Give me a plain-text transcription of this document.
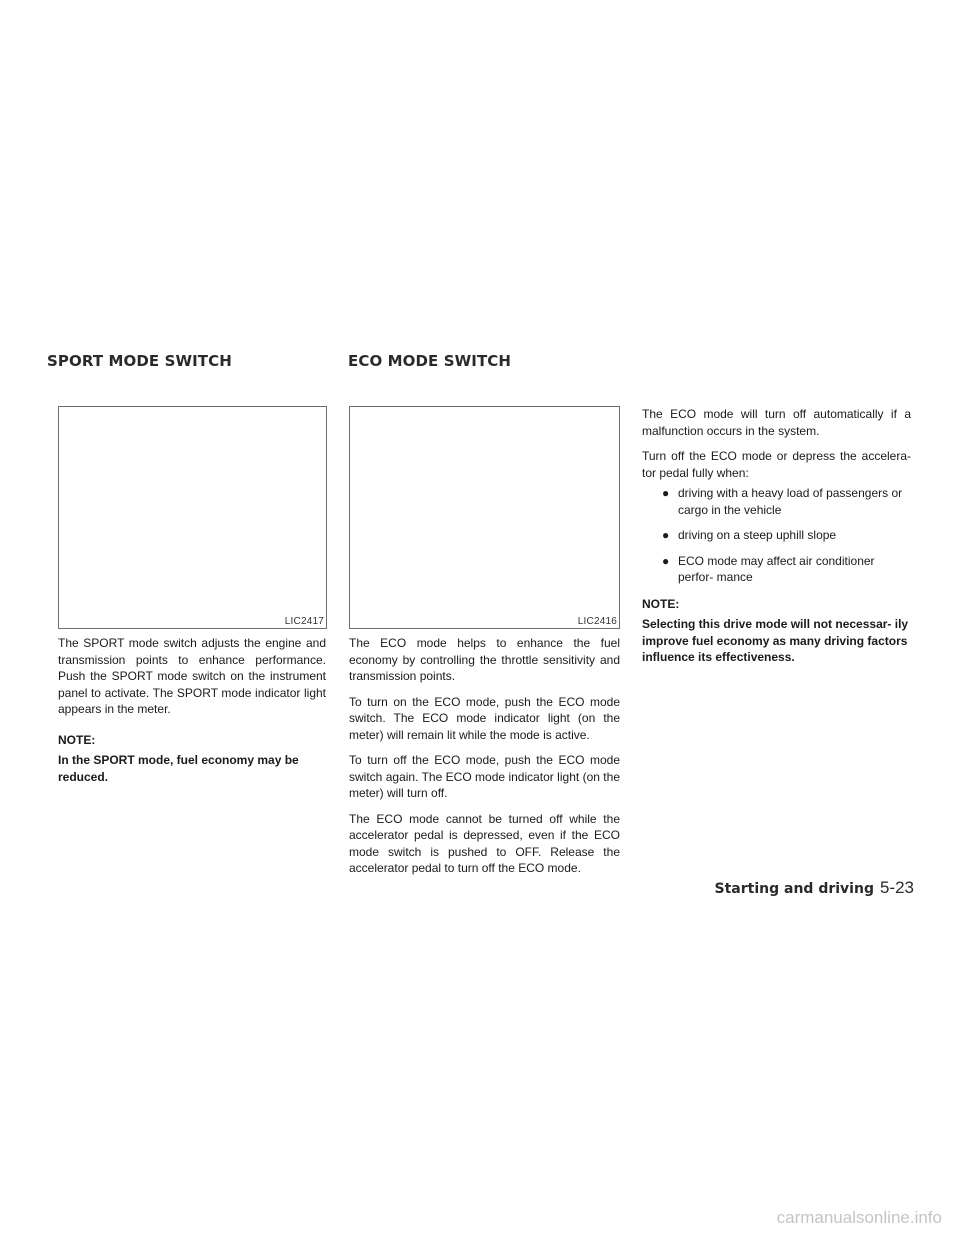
SPORT MODE SWITCH	ECO MODE SWITCH
LIC2417	LIC2416

The SPORT mode switch adjusts the engine and transmission points to enhance performance. Push the SPORT mode switch on the instrument panel to activate. The SPORT mode indicator light appears in the meter.

NOTE:

In the SPORT mode, fuel economy may be reduced.

The ECO mode helps to enhance the fuel economy by controlling the throttle sensitivity and transmission points.

To turn on the ECO mode, push the ECO mode switch. The ECO mode indicator light (on the meter) will remain lit while the mode is active.

To turn off the ECO mode, push the ECO mode switch again. The ECO mode indicator light (on the meter) will turn off.

The ECO mode cannot be turned off while the accelerator pedal is depressed, even if the ECO mode switch is pushed to OFF. Release the accelerator pedal to turn off the ECO mode.

The ECO mode will turn off automatically if a malfunction occurs in the system.

Turn off the ECO mode or depress the accelera- tor pedal fully when:

● driving with a heavy load of passengers or cargo in the vehicle
● driving on a steep uphill slope
● ECO mode may affect air conditioner perfor- mance

NOTE:

Selecting this drive mode will not necessar- ily improve fuel economy as many driving factors influence its effectiveness.

Starting and driving 5-23
carmanualsonline.info
